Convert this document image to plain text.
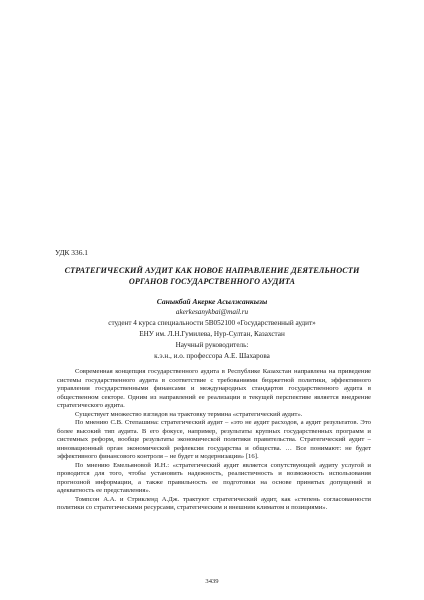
УДК 336.1
СТРАТЕГИЧЕСКИЙ АУДИТ КАК НОВОЕ НАПРАВЛЕНИЕ ДЕЯТЕЛЬНОСТИ
ОРГАНОВ ГОСУДАРСТВЕННОГО АУДИТА
Саныкбай Акерке Асылжанкызы
akerkesanykbai@mail.ru
студент 4 курса специальности 5В052100 «Государственный аудит»
ЕНУ им. Л.Н.Гумилева, Нур-Султан, Казахстан
Научный руководитель:
к.э.н., и.о. профессора А.Е. Шахарова

Современная концепция государственного аудита в Республике Казахстан направлена на приведение системы государственного аудита в соответствие с требованиями бюджетной политики, эффективного управления государственными финансами и международных стандартов государственного аудита в общественном секторе. Одним из направлений ее реализации в текущей перспективе является внедрение стратегического аудита.

Существует множество взглядов на трактовку термина «стратегический аудит».

По мнению С.В. Степашина: стратегический аудит – «это не аудит расходов, а аудит результатов. Это более высокий тип аудита. В его фокусе, например, результаты крупных государственных программ и системных реформ, вообще результаты экономической политики правительства. Стратегический аудит – инновационный орган экономической рефлексии государства и общества. … Все понимают: не будет эффективного финансового контроля – не будет и модернизации» [16].

По мнению Емельяновой И.Н.: «стратегический аудит является сопутствующей аудиту услугой и проводится для того, чтобы установить надежность, реалистичность и возможность использования прогнозной информации, а также правильность ее подготовки на основе принятых допущений и адекватность ее представления».

Томпсон А.А. и Стрикленд А.Дж. трактуют стратегический аудит, как «степень согласованности политики со стратегическими ресурсами, стратегическим и внешним климатом и позициями».

3439
